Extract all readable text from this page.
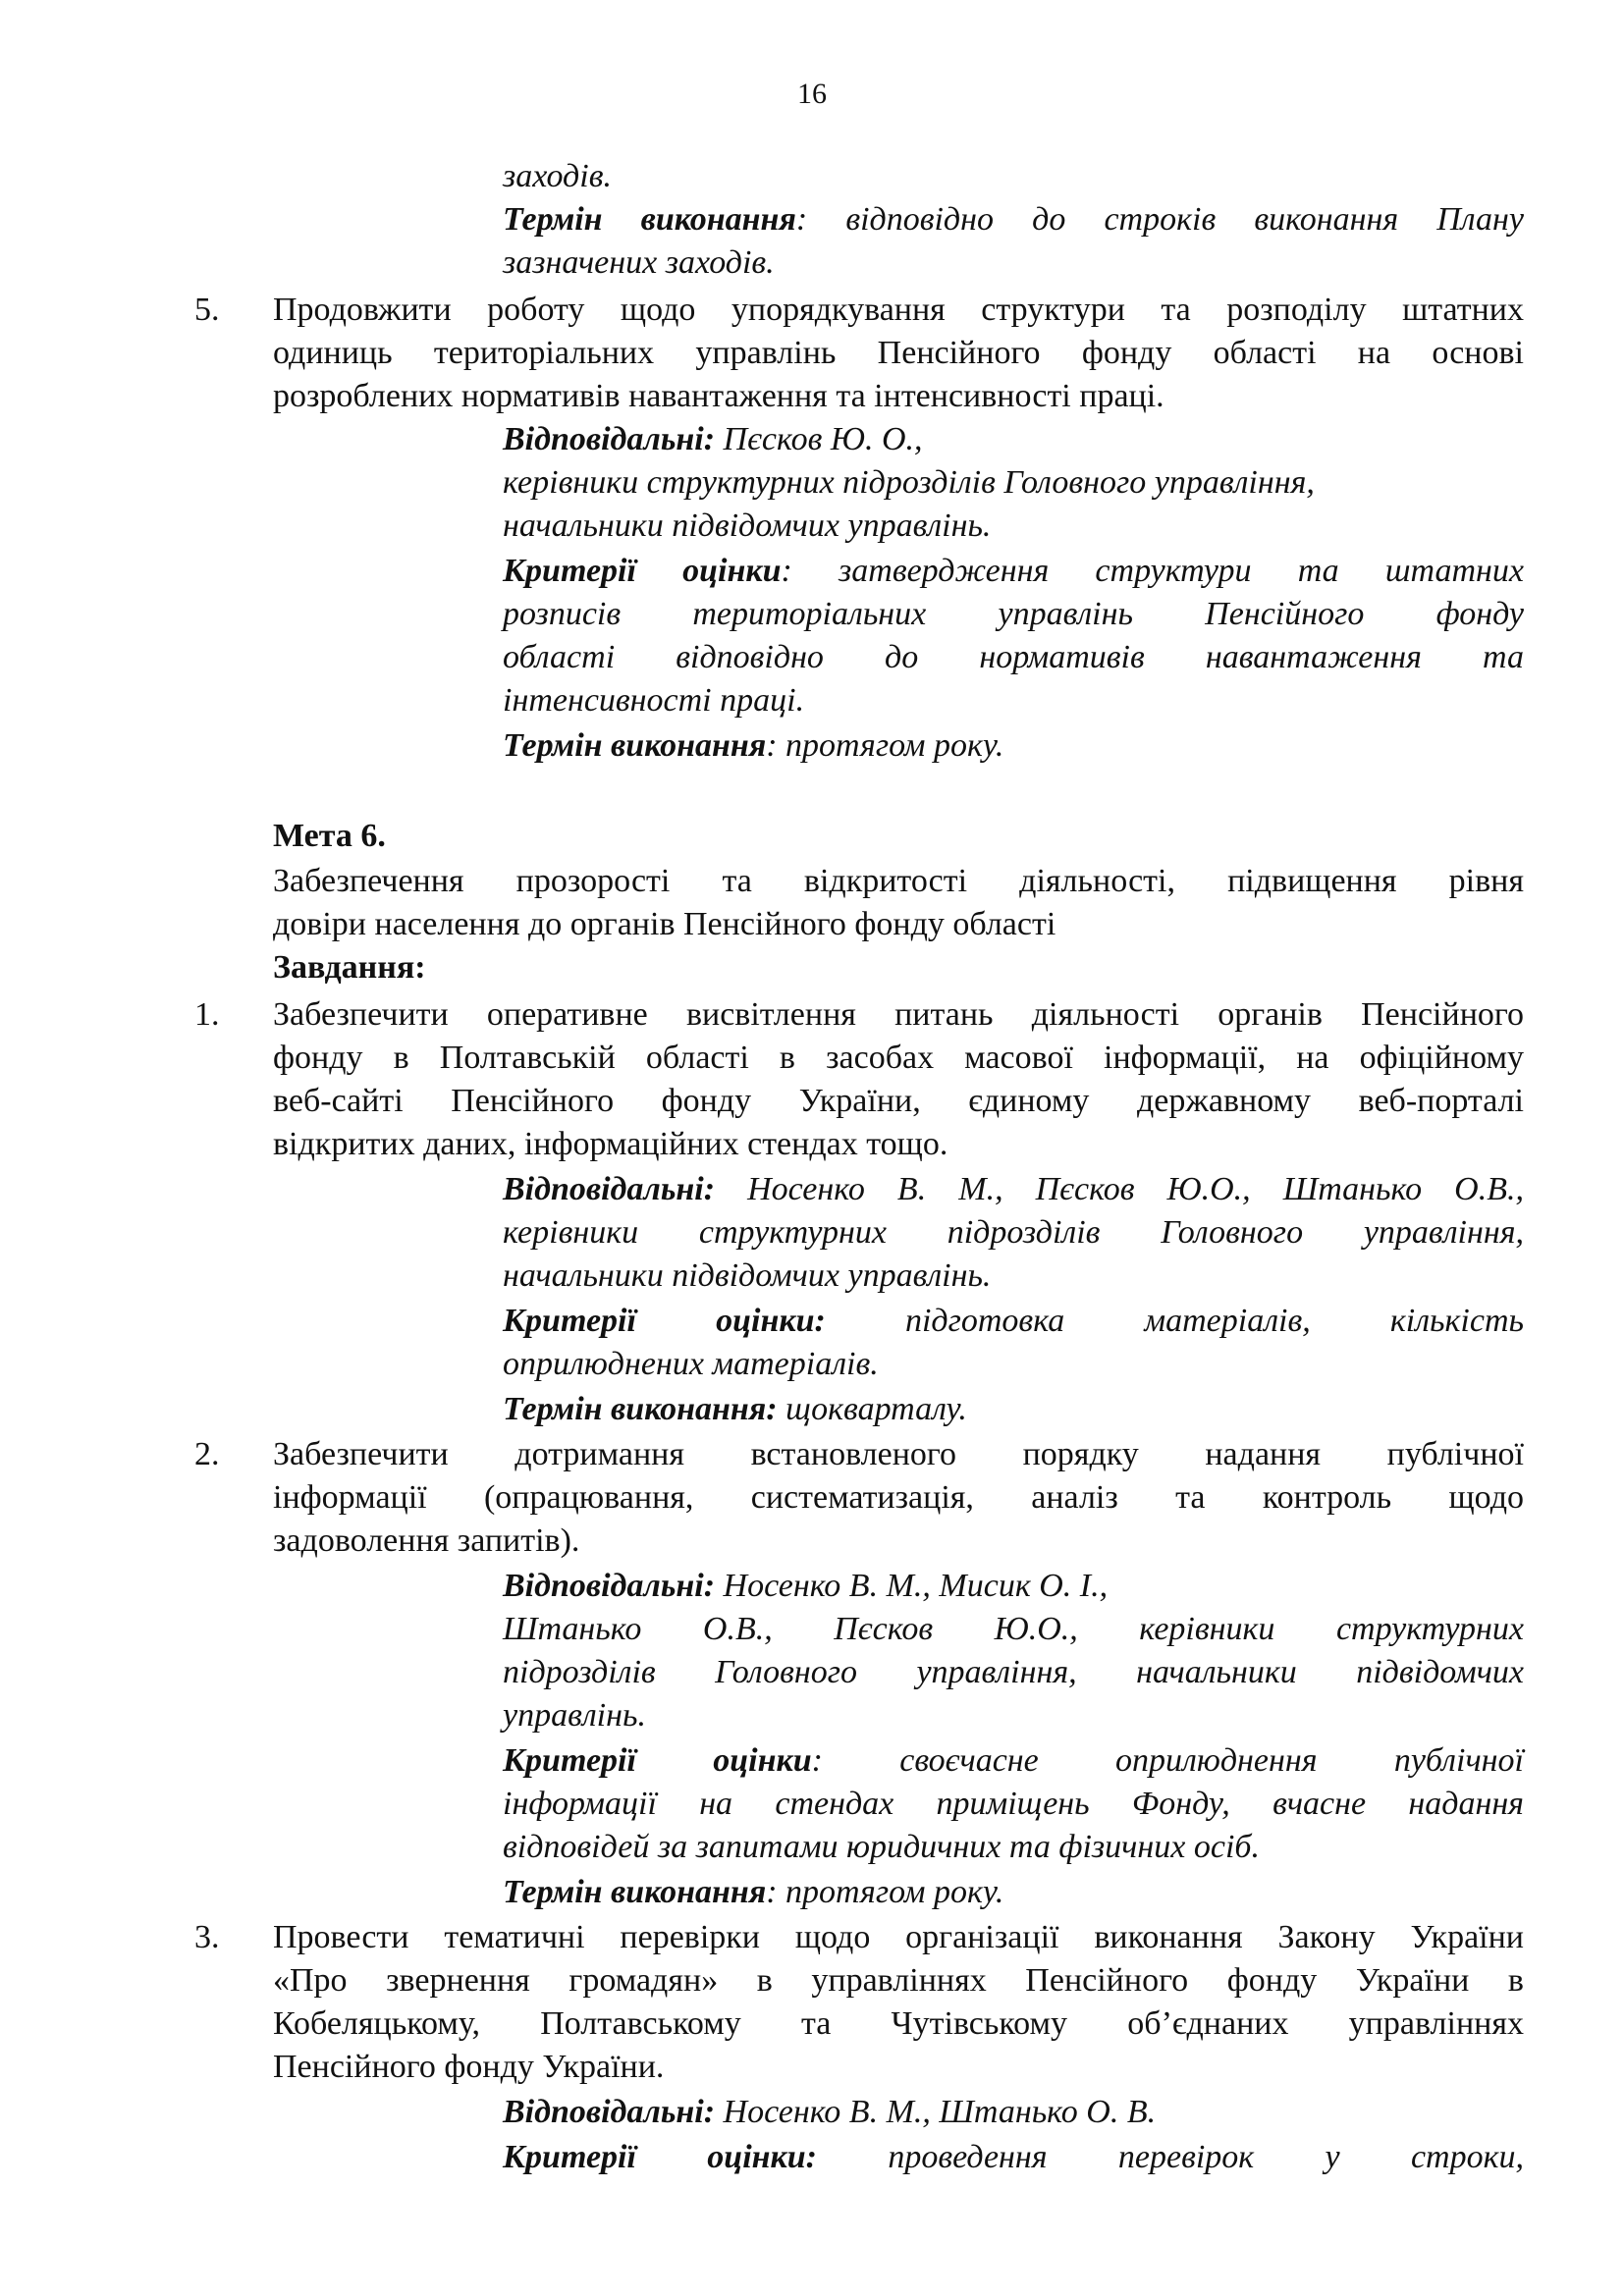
16
заходів.
Термін виконання: відповідно до строків виконання Плану
зазначених заходів.
5. Продовжити роботу щодо упорядкування структури та розподілу штатних
одиниць територіальних управлінь Пенсійного фонду області на основі
розроблених нормативів навантаження та інтенсивності праці.
Відповідальні: Пєсков Ю. О.,
керівники структурних підрозділів Головного управління,
начальники підвідомчих управлінь.
Критерії оцінки: затвердження структури та штатних
розписів територіальних управлінь Пенсійного фонду
області відповідно до нормативів навантаження та
інтенсивності праці.
Термін виконання: протягом року.
Мета 6.
Забезпечення прозорості та відкритості діяльності, підвищення рівня
довіри населення до органів Пенсійного фонду області
Завдання:
1. Забезпечити оперативне висвітлення питань діяльності органів Пенсійного
фонду в Полтавській області в засобах масової інформації, на офіційному
веб-сайті Пенсійного фонду України, єдиному державному веб-порталі
відкритих даних, інформаційних стендах тощо.
Відповідальні: Носенко В. М., Пєсков Ю.О., Штанько О.В.,
керівники структурних підрозділів Головного управління,
начальники підвідомчих управлінь.
Критерії оцінки: підготовка матеріалів, кількість
оприлюднених матеріалів.
Термін виконання: щокварталу.
2. Забезпечити дотримання встановленого порядку надання публічної
інформації (опрацювання, систематизація, аналіз та контроль щодо
задоволення запитів).
Відповідальні: Носенко В. М., Мисик О. І.,
Штанько О.В., Пєсков Ю.О., керівники структурних
підрозділів Головного управління, начальники підвідомчих
управлінь.
Критерії оцінки: своєчасне оприлюднення публічної
інформації на стендах приміщень Фонду, вчасне надання
відповідей за запитами юридичних та фізичних осіб.
Термін виконання: протягом року.
3. Провести тематичні перевірки щодо організації виконання Закону України
«Про звернення громадян» в управліннях Пенсійного фонду України в
Кобеляцькому, Полтавському та Чутівському об’єднаних управліннях
Пенсійного фонду України.
Відповідальні: Носенко В. М., Штанько О. В.
Критерії оцінки: проведення перевірок у строки,
